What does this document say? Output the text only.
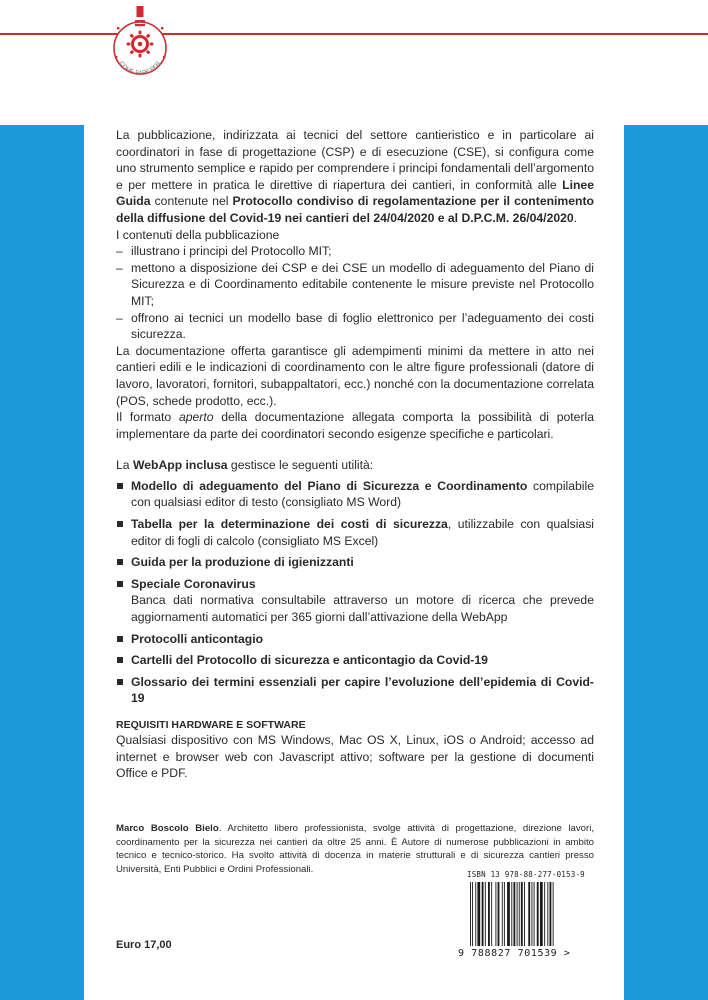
COME FARE PER

La pubblicazione, indirizzata ai tecnici del settore cantieristico e in particolare ai coordinatori in fase di progettazione (CSP) e di esecuzione (CSE), si configura come uno strumento semplice e rapido per comprendere i principi fondamentali dell’argomento e per mettere in pratica le direttive di riapertura dei cantieri, in conformità alle Linee Guida contenute nel Protocollo condiviso di regolamentazione per il contenimento della diffusione del Covid-19 nei cantieri del 24/04/2020 e al D.P.C.M. 26/04/2020.

I contenuti della pubblicazione

– illustrano i principi del Protocollo MIT;
– mettono a disposizione dei CSP e dei CSE un modello di adeguamento del Piano di Sicurezza e di Coordinamento editabile contenente le misure previste nel Protocollo MIT;
– offrono ai tecnici un modello base di foglio elettronico per l’adeguamento dei costi sicurezza.

La documentazione offerta garantisce gli adempimenti minimi da mettere in atto nei cantieri edili e le indicazioni di coordinamento con le altre figure professionali (datore di lavoro, lavoratori, fornitori, subappaltatori, ecc.) nonché con la documentazione correlata (POS, schede prodotto, ecc.).

Il formato aperto della documentazione allegata comporta la possibilità di poterla implementare da parte dei coordinatori secondo esigenze specifiche e particolari.

La WebApp inclusa gestisce le seguenti utilità:

Modello di adeguamento del Piano di Sicurezza e Coordinamento compilabile con qualsiasi editor di testo (consigliato MS Word)
Tabella per la determinazione dei costi di sicurezza, utilizzabile con qualsiasi editor di fogli di calcolo (consigliato MS Excel)
Guida per la produzione di igienizzanti
Speciale Coronavirus
Banca dati normativa consultabile attraverso un motore di ricerca che prevede aggiornamenti automatici per 365 giorni dall’attivazione della WebApp
Protocolli anticontagio
Cartelli del Protocollo di sicurezza e anticontagio da Covid-19
Glossario dei termini essenziali per capire l’evoluzione dell’epidemia di Covid-19

REQUISITI HARDWARE E SOFTWARE

Qualsiasi dispositivo con MS Windows, Mac OS X, Linux, iOS o Android; accesso ad internet e browser web con Javascript attivo; software per la gestione di documenti Office e PDF.

Marco Boscolo Bielo. Architetto libero professionista, svolge attività di progettazione, direzione lavori, coordinamento per la sicurezza nei cantieri da oltre 25 anni. È Autore di numerose pubblicazioni in ambito tecnico e tecnico-storico. Ha svolto attività di docenza in materie strutturali e di sicurezza cantieri presso Università, Enti Pubblici e Ordini Professionali.	ISBN 13 978-88-277-0153-9
9 788827 701539 >
Euro 17,00
